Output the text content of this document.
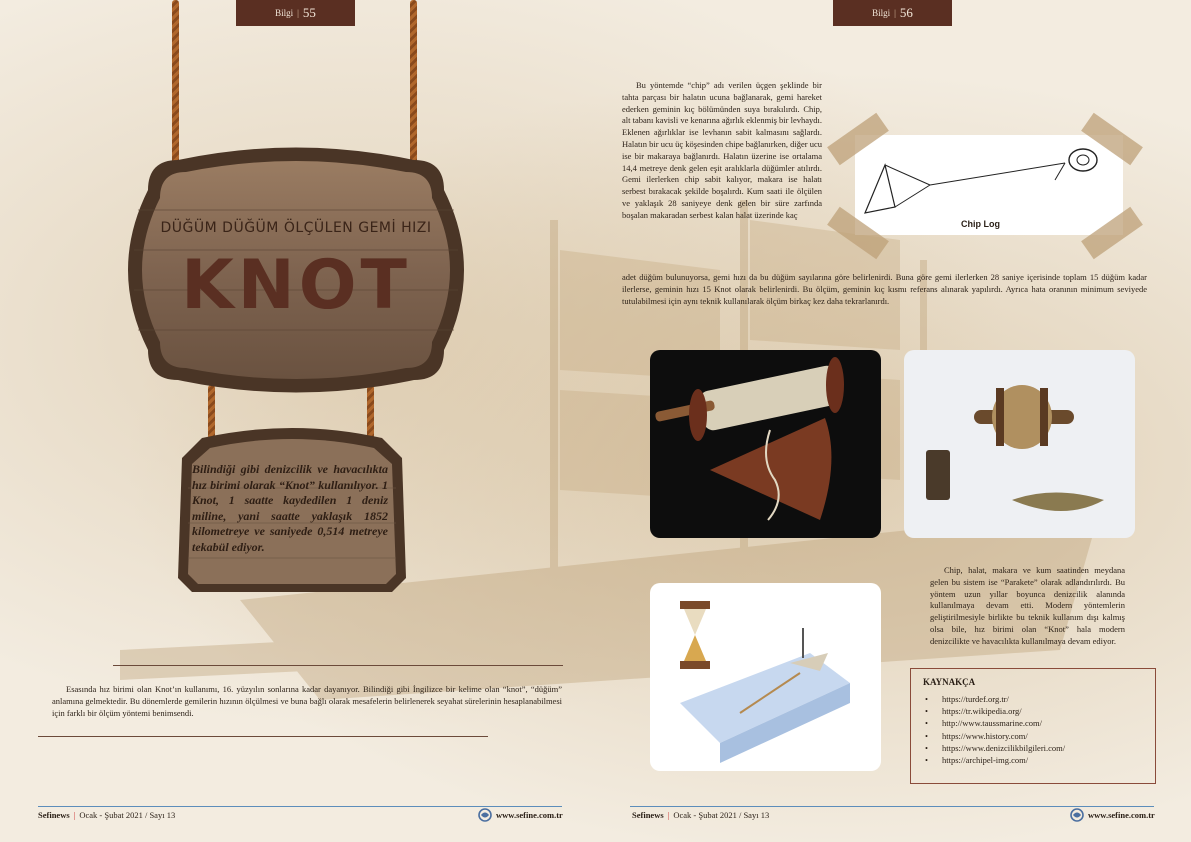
Bilgi | 55
DÜĞÜM DÜĞÜM ÖLÇÜLEN GEMİ HIZI
KNOT
Bilindiği gibi denizcilik ve havacılıkta hız birimi olarak “Knot” kullanılıyor. 1 Knot, 1 saatte kaydedilen 1 deniz miline, yani saatte yaklaşık 1852 kilometreye ve saniyede 0,514 metreye tekabül ediyor.

Esasında hız birimi olan Knot’ın kullanımı, 16. yüzyılın sonlarına kadar dayanıyor. Bilindiği gibi İngilizce bir kelime olan “knot”, “düğüm” anlamına gelmektedir. Bu dönemlerde gemilerin hızının ölçülmesi ve buna bağlı olarak mesafelerin belirlenerek seyahat sürelerinin hesaplanabilmesi için farklı bir ölçüm yöntemi benimsendi.

Sefinews | Ocak - Şubat 2021 / Sayı 13	www.sefine.com.tr
Bilgi | 56

Bu yöntemde “chip” adı verilen üçgen şeklinde bir tahta parçası bir halatın ucuna bağlanarak, gemi hareket ederken geminin kıç bölümünden suya bırakılırdı. Chip, alt tabanı kavisli ve kenarına ağırlık eklenmiş bir levhaydı. Eklenen ağırlıklar ise levhanın sabit kalmasını sağlardı. Halatın bir ucu üç köşesinden chipe bağlanırken, diğer ucu ise bir makaraya bağlanırdı. Halatın üzerine ise ortalama 14,4 metreye denk gelen eşit aralıklarla düğümler atılırdı. Gemi ilerlerken chip sabit kalıyor, makara ise halatı serbest bırakacak şekilde boşalırdı. Kum saati ile ölçülen ve yaklaşık 28 saniyeye denk gelen bir süre zarfında boşalan makaradan serbest kalan halat üzerinde kaç

adet düğüm bulunuyorsa, gemi hızı da bu düğüm sayılarına göre belirlenirdi. Buna göre gemi ilerlerken 28 saniye içerisinde toplam 15 düğüm kadar ilerlerse, geminin hızı 15 Knot olarak belirlenirdi. Bu ölçüm, geminin kıç kısmı referans alınarak yapılırdı. Ayrıca hata oranının minimum seviyede tutulabilmesi için aynı teknik kullanılarak ölçüm birkaç kez daha tekrarlanırdı.

Chip Log

Chip, halat, makara ve kum saatinden meydana gelen bu sistem ise “Parakete” olarak adlandırılırdı. Bu yöntem uzun yıllar boyunca denizcilik alanında kullanılmaya devam etti. Modern yöntemlerin geliştirilmesiyle birlikte bu teknik kullanım dışı kalmış olsa bile, hız birimi olan “Knot” hala modern denizcilikte ve havacılıkta kullanılmaya devam ediyor.

KAYNAKÇA
• https://turdef.org.tr/
• https://tr.wikipedia.org/
• http://www.taussmarine.com/
• https://www.history.com/
• https://www.denizcilikbilgileri.com/
• https://archipel-img.com/
Sefinews | Ocak - Şubat 2021 / Sayı 13	www.sefine.com.tr
